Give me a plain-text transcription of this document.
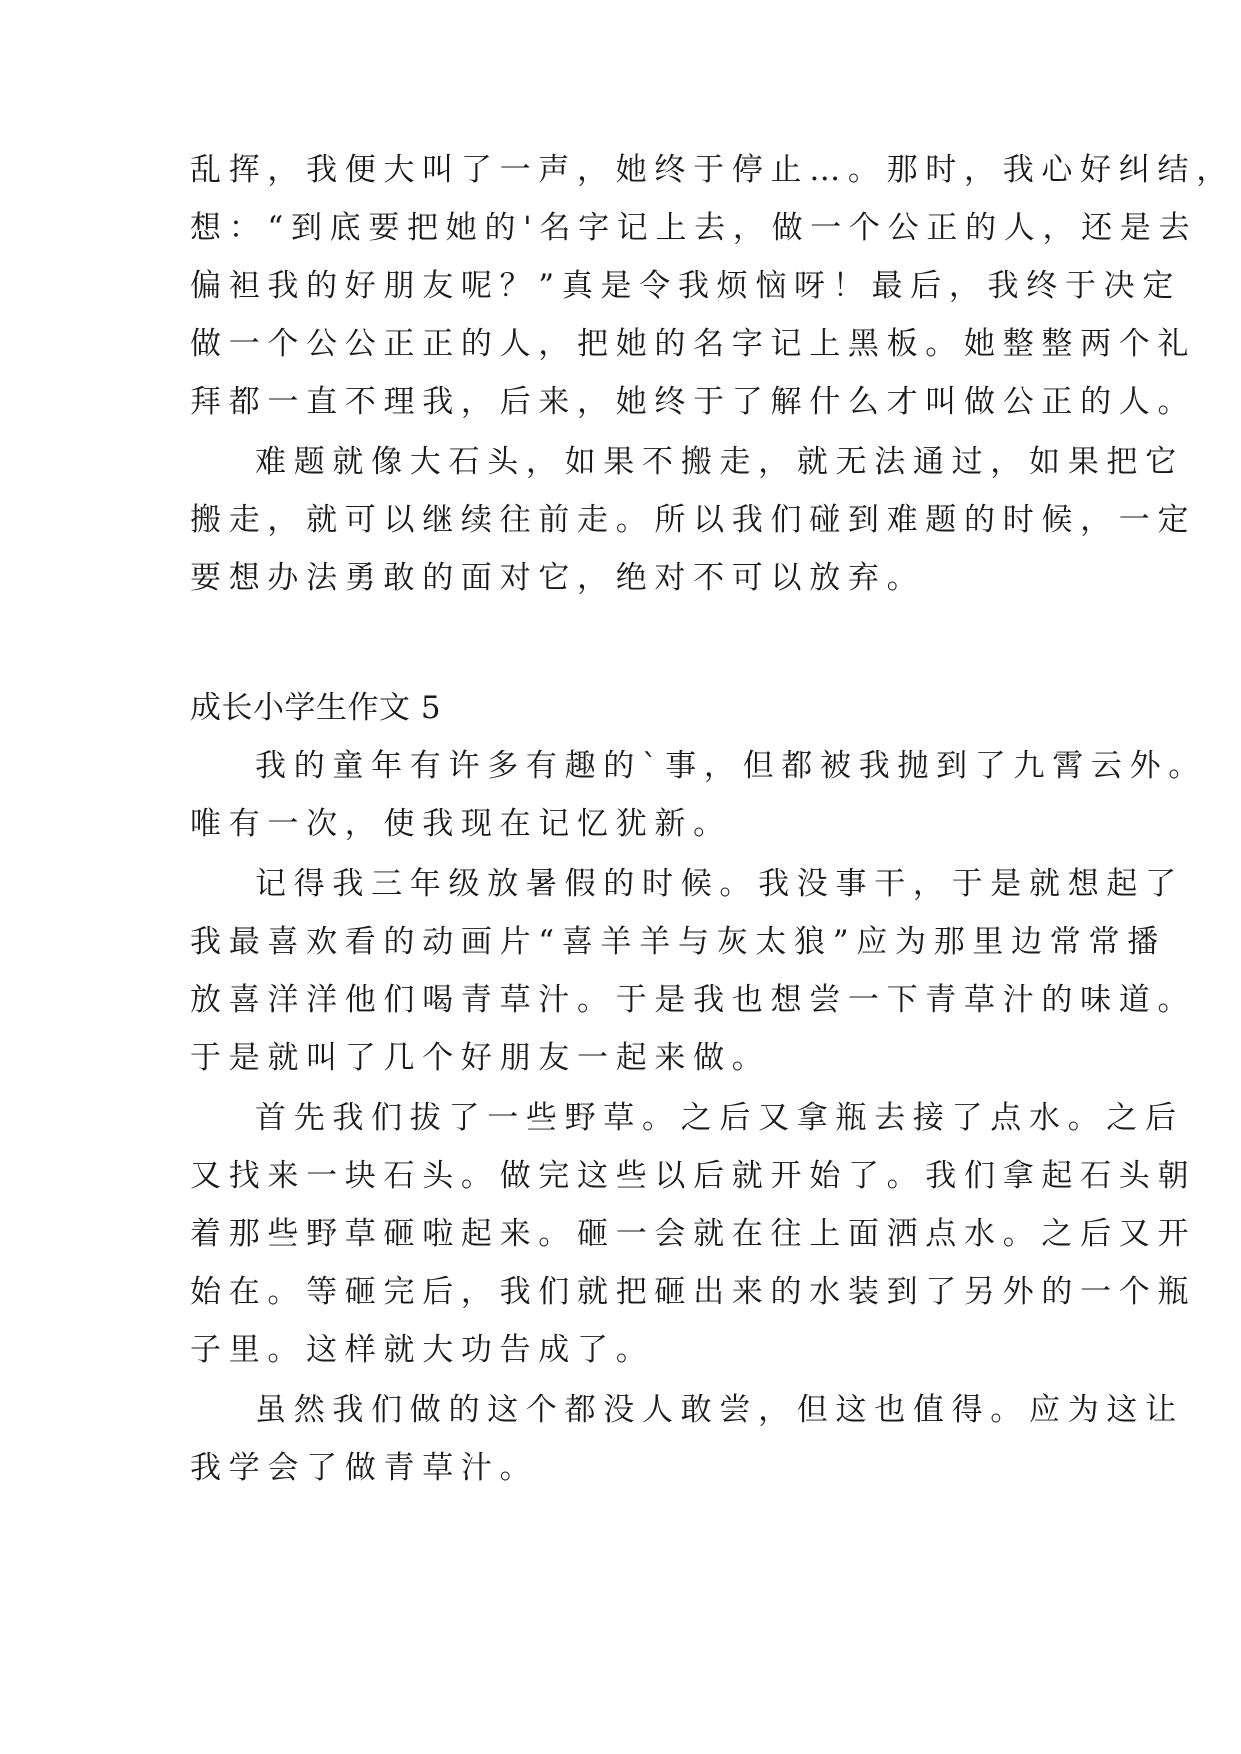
乱挥，我便大叫了一声，她终于停止…。那时，我心好纠结，
想：“到底要把她的'名字记上去，做一个公正的人，还是去
偏袒我的好朋友呢？”真是令我烦恼呀！最后，我终于决定
做一个公公正正的人，把她的名字记上黑板。她整整两个礼
拜都一直不理我，后来，她终于了解什么才叫做公正的人。
难题就像大石头，如果不搬走，就无法通过，如果把它
搬走，就可以继续往前走。所以我们碰到难题的时候，一定
要想办法勇敢的面对它，绝对不可以放弃。
成长小学生作文 5
我的童年有许多有趣的`事，但都被我抛到了九霄云外。
唯有一次，使我现在记忆犹新。
记得我三年级放暑假的时候。我没事干，于是就想起了
我最喜欢看的动画片“喜羊羊与灰太狼”应为那里边常常播
放喜洋洋他们喝青草汁。于是我也想尝一下青草汁的味道。
于是就叫了几个好朋友一起来做。
首先我们拔了一些野草。之后又拿瓶去接了点水。之后
又找来一块石头。做完这些以后就开始了。我们拿起石头朝
着那些野草砸啦起来。砸一会就在往上面洒点水。之后又开
始在。等砸完后，我们就把砸出来的水装到了另外的一个瓶
子里。这样就大功告成了。
虽然我们做的这个都没人敢尝，但这也值得。应为这让
我学会了做青草汁。
